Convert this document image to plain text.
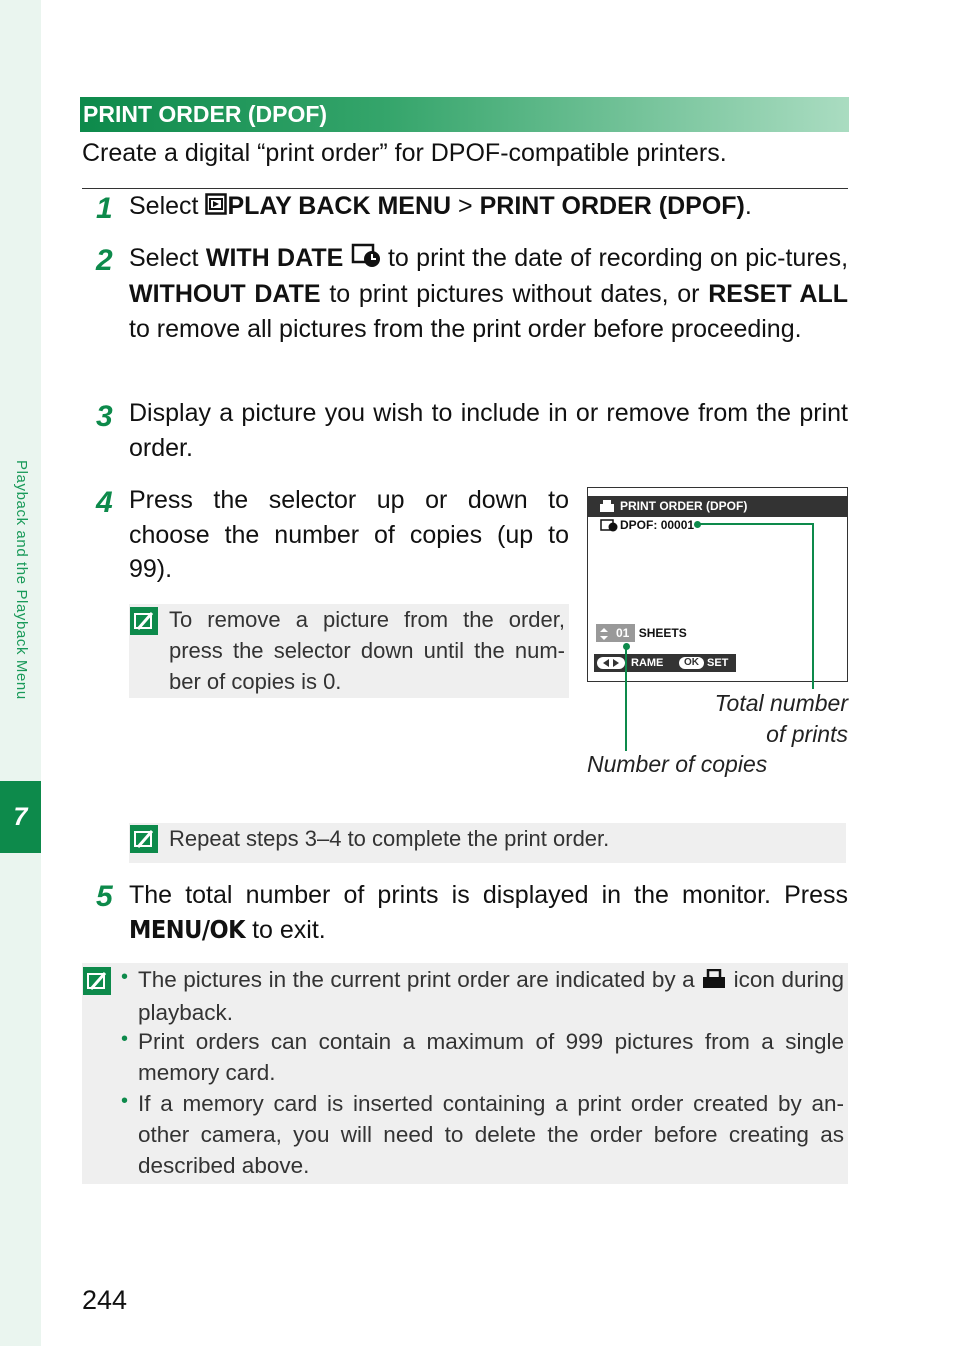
Playback and the Playback Menu
7
PRINT ORDER (DPOF)
Create a digital “print order” for DPOF-compatible printers.
1 Select PLAY BACK MENU > PRINT ORDER (DPOF).
2 Select WITH DATE to print the date of recording on pic-tures, WITHOUT DATE to print pictures without dates, or RESET ALL to remove all pictures from the print order before proceeding.
3 Display a picture you wish to include in or remove from the print order.
4 Press the selector up or down to choose the number of copies (up to 99).
To remove a picture from the order, press the selector down until the num-ber of copies is 0.
PRINT ORDER (DPOF)
DPOF: 00001
01 SHEETS
RAME	OK SET
Total number
of prints
Number of copies
Repeat steps 3–4 to complete the print order.
5 The total number of prints is displayed in the monitor. Press MENU/OK to exit.
• The pictures in the current print order are indicated by a icon during playback.
• Print orders can contain a maximum of 999 pictures from a single memory card.
• If a memory card is inserted containing a print order created by an-other camera, you will need to delete the order before creating as described above.
244
